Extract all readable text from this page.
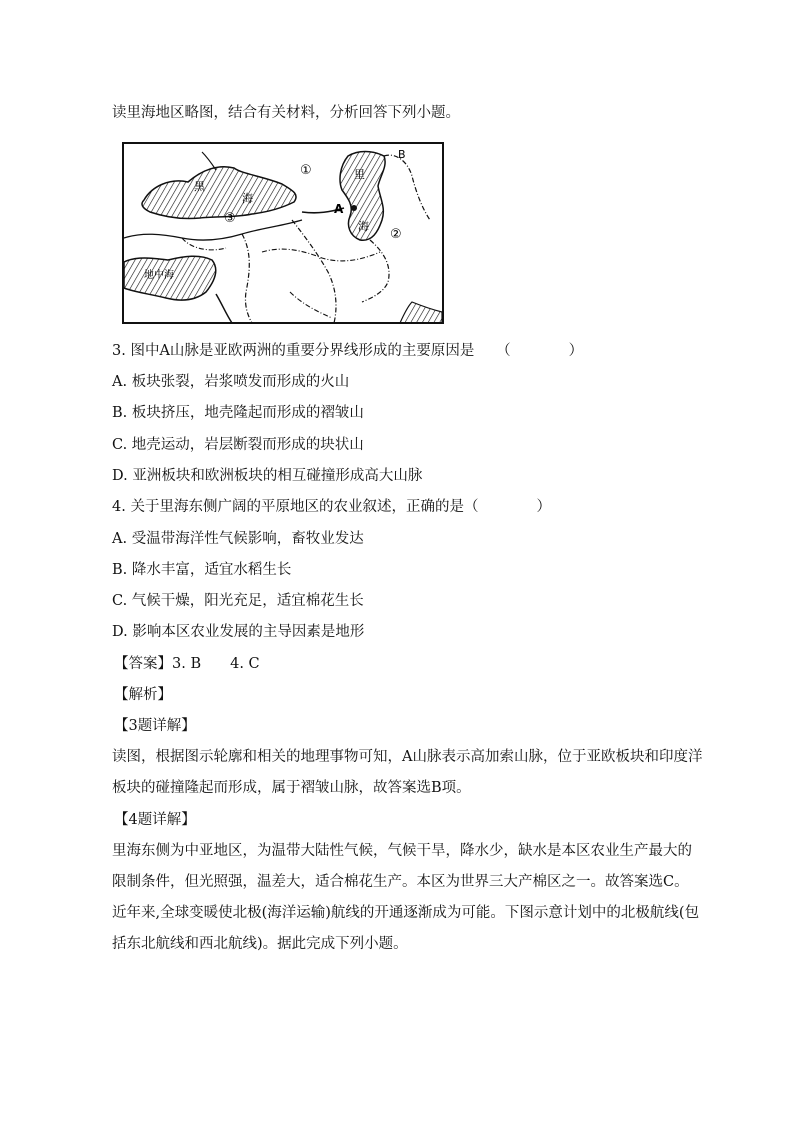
读里海地区略图，结合有关材料，分析回答下列小题。
黑
海
里
海
地中海
A
B
①
②
③
3. 图中A山脉是亚欧两洲的重要分界线形成的主要原因是　　（　　　　）
A. 板块张裂，岩浆喷发而形成的火山
B. 板块挤压，地壳隆起而形成的褶皱山
C. 地壳运动，岩层断裂而形成的块状山
D. 亚洲板块和欧洲板块的相互碰撞形成高大山脉
4. 关于里海东侧广阔的平原地区的农业叙述，正确的是（　　　　）
A. 受温带海洋性气候影响，畜牧业发达
B. 降水丰富，适宜水稻生长
C. 气候干燥，阳光充足，适宜棉花生长
D. 影响本区农业发展的主导因素是地形
【答案】3. B　　4. C
【解析】
【3题详解】
读图，根据图示轮廓和相关的地理事物可知，A山脉表示高加索山脉，位于亚欧板块和印度洋
板块的碰撞隆起而形成，属于褶皱山脉，故答案选B项。
【4题详解】
里海东侧为中亚地区，为温带大陆性气候，气候干旱，降水少，缺水是本区农业生产最大的
限制条件，但光照强，温差大，适合棉花生产。本区为世界三大产棉区之一。故答案选C。
近年来,全球变暖使北极(海洋运输)航线的开通逐渐成为可能。下图示意计划中的北极航线(包
括东北航线和西北航线)。据此完成下列小题。
